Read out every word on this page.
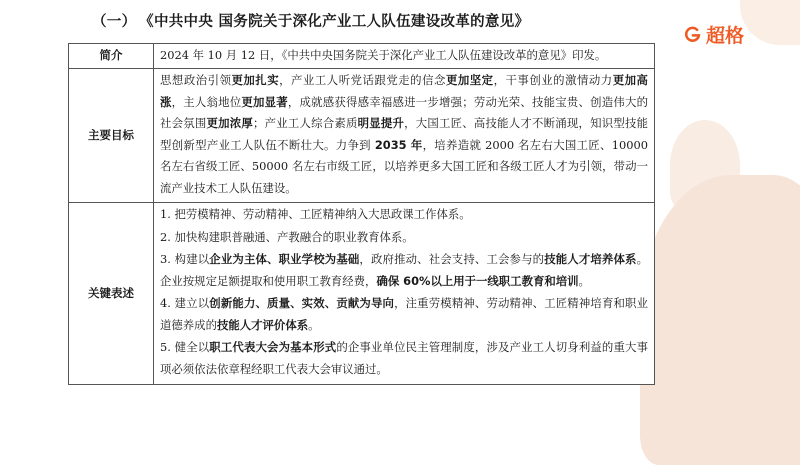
超格
（一） 《中共中央 国务院关于深化产业工人队伍建设改革的意见》
简介	2024 年 10 月 12 日，《中共中央国务院关于深化产业工人队伍建设改革的意见》印发。

主要目标	思想政治引领更加扎实，产业工人听党话跟党走的信念更加坚定，干事创业的激情动力更加高涨，主人翁地位更加显著，成就感获得感幸福感进一步增强；劳动光荣、技能宝贵、创造伟大的社会氛围更加浓厚；产业工人综合素质明显提升，大国工匠、高技能人才不断涌现，知识型技能型创新型产业工人队伍不断壮大。力争到 2035 年，培养造就 2000 名左右大国工匠、10000 名左右省级工匠、50000 名左右市级工匠，以培养更多大国工匠和各级工匠人才为引领，带动一流产业技术工人队伍建设。

关键表述	1. 把劳模精神、劳动精神、工匠精神纳入大思政课工作体系。

2. 加快构建职普融通、产教融合的职业教育体系。

3. 构建以企业为主体、职业学校为基础，政府推动、社会支持、工会参与的技能人才培养体系。企业按规定足额提取和使用职工教育经费，确保 60%以上用于一线职工教育和培训。

4. 建立以创新能力、质量、实效、贡献为导向，注重劳模精神、劳动精神、工匠精神培育和职业道德养成的技能人才评价体系。

5. 健全以职工代表大会为基本形式的企事业单位民主管理制度，涉及产业工人切身利益的重大事项必须依法依章程经职工代表大会审议通过。
